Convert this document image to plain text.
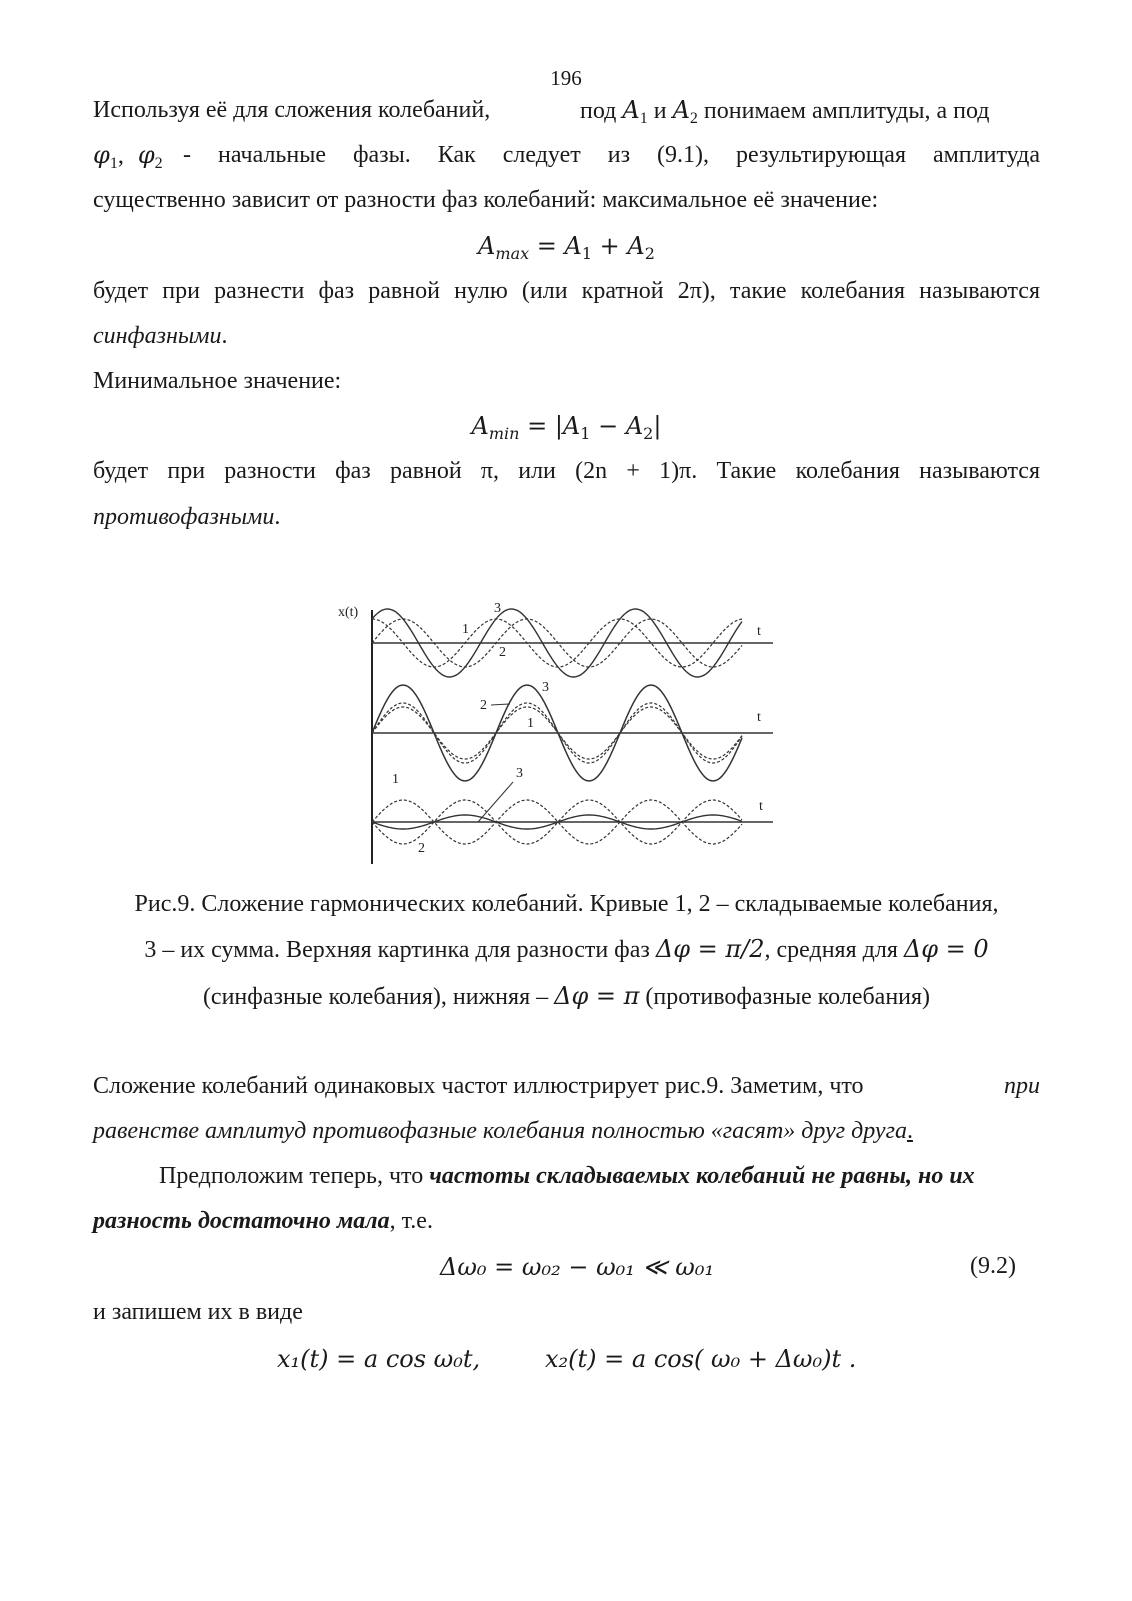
196
Используя её для сложения колебаний,	под $A_1$ и $A_2$ понимаем амплитуды, а под
$\varphi_1$, $\varphi_2$ - начальные фазы. Как следует из (9.1), результирующая амплитуда
существенно зависит от разности фаз колебаний: максимальное её значение:
$A_{max} = A_1 + A_2$
будет при разнести фаз равной нулю (или кратной 2π), такие колебания называются
синфазными.
Минимальное значение:
$A_{min} = |A_1 - A_2|$
будет при разности фаз равной π, или (2n + 1)π. Такие колебания называются
противофазными.
x(t)
t
t
t
1
2
3
2
1
3
1
2
3
Рис.9. Сложение гармонических колебаний. Кривые 1, 2 – складываемые колебания,
3 – их сумма. Верхняя картинка для разности фаз Δφ = π/2, средняя для Δφ = 0
(синфазные колебания), нижняя – Δφ = π (противофазные колебания)
Сложение колебаний одинаковых частот иллюстрирует рис.9. Заметим, что	при
равенстве амплитуд противофазные колебания полностью «гасят» друг друга.
Предположим теперь, что частоты складываемых колебаний не равны, но их
разность достаточно мала, т.е.
Δω₀ = ω₀₂ − ω₀₁ ≪ ω₀₁	(9.2)
и запишем их в виде
x₁(t) = a cos ω₀t,	x₂(t) = a cos( ω₀ + Δω₀)t .
